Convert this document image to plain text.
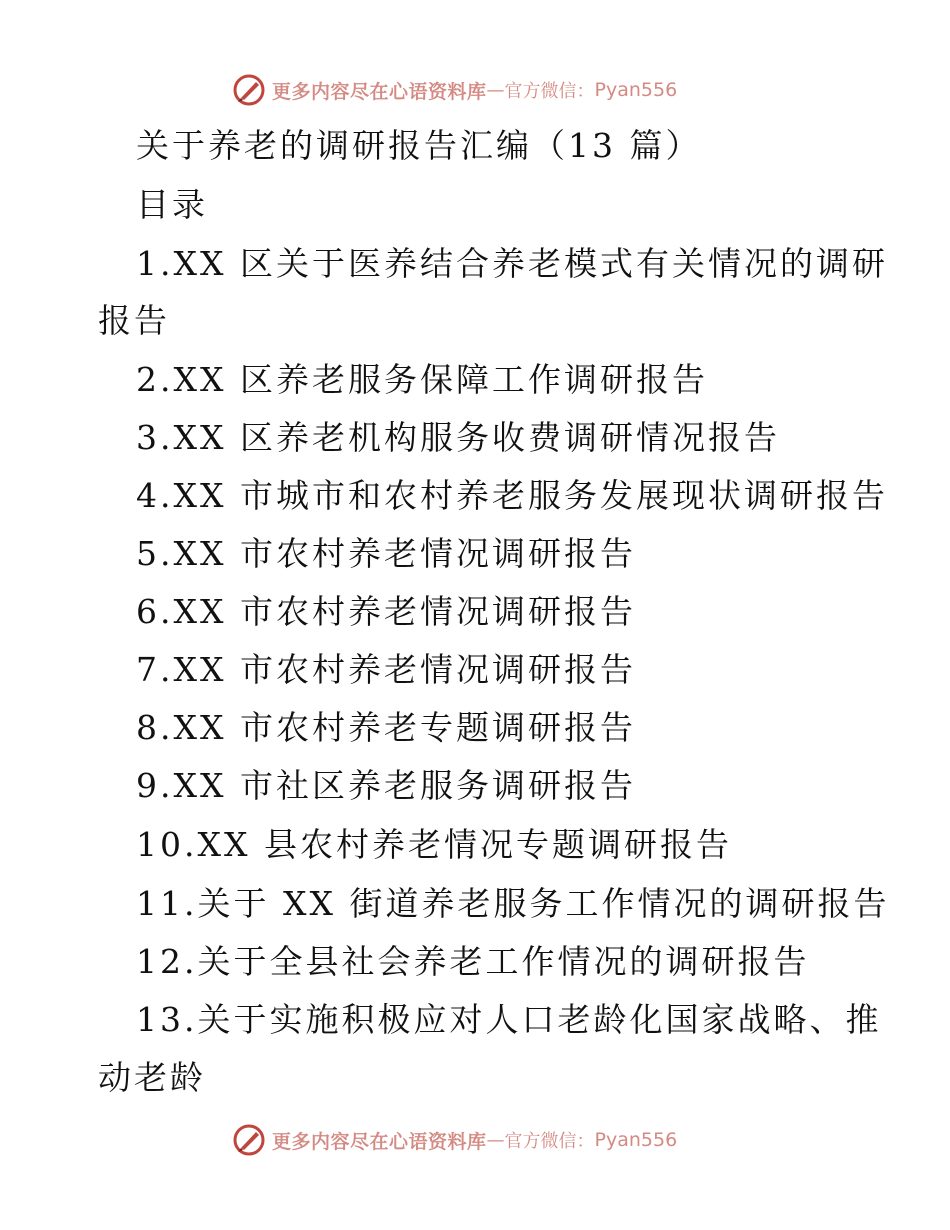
更多内容尽在心语资料库 — 官方微信： Pyan556
关于养老的调研报告汇编（13 篇）
目录
1.XX 区关于医养结合养老模式有关情况的调研
报告
2.XX 区养老服务保障工作调研报告
3.XX 区养老机构服务收费调研情况报告
4.XX 市城市和农村养老服务发展现状调研报告
5.XX 市农村养老情况调研报告
6.XX 市农村养老情况调研报告
7.XX 市农村养老情况调研报告
8.XX 市农村养老专题调研报告
9.XX 市社区养老服务调研报告
10.XX 县农村养老情况专题调研报告
11.关于 XX 街道养老服务工作情况的调研报告
12.关于全县社会养老工作情况的调研报告
13.关于实施积极应对人口老龄化国家战略、推
动老龄
更多内容尽在心语资料库 — 官方微信： Pyan556
